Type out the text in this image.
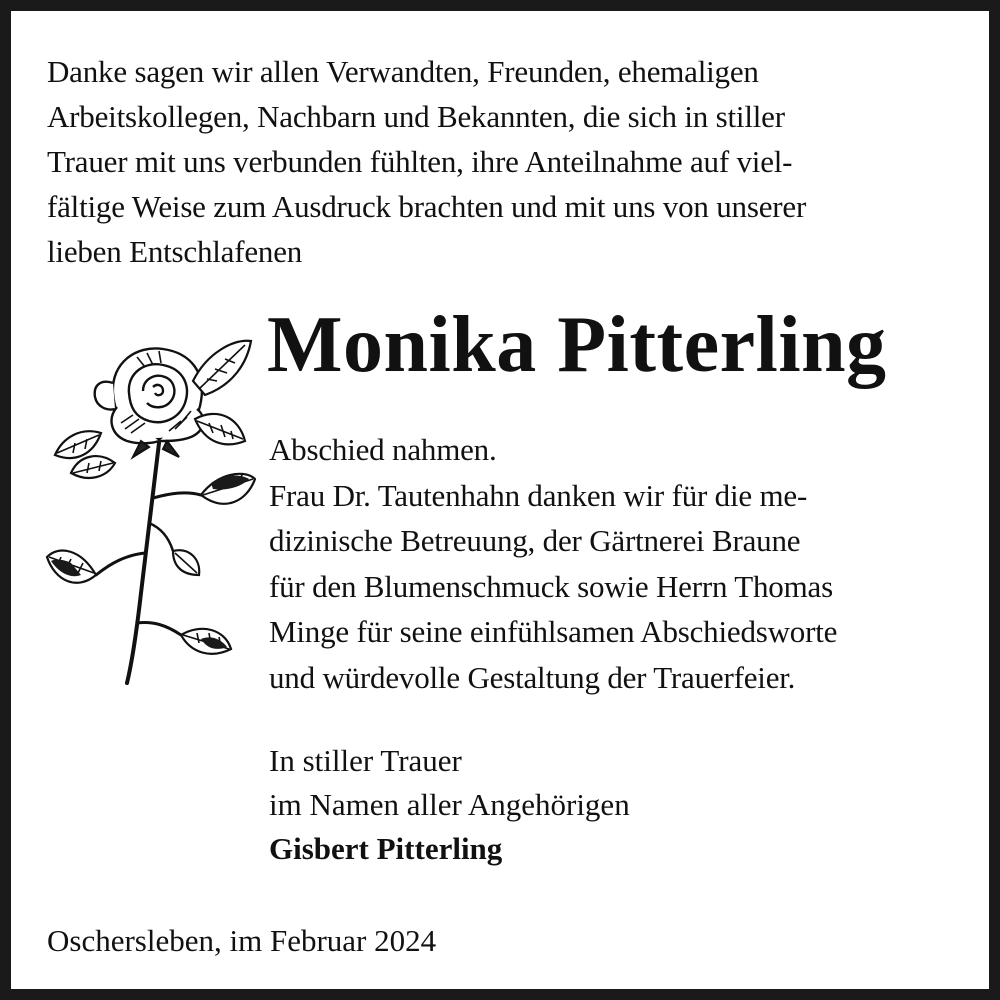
Danke sagen wir allen Verwandten, Freunden, ehemaligen
Arbeitskollegen, Nachbarn und Bekannten, die sich in stiller
Trauer mit uns verbunden fühlten, ihre Anteilnahme auf viel-
fältige Weise zum Ausdruck brachten und mit uns von unserer
lieben Entschlafenen

Monika Pitterling

Abschied nahmen.
Frau Dr. Tautenhahn danken wir für die me-
dizinische Betreuung, der Gärtnerei Braune
für den Blumenschmuck sowie Herrn Thomas
Minge für seine einfühlsamen Abschiedsworte
und würdevolle Gestaltung der Trauerfeier.

In stiller Trauer
im Namen aller Angehörigen
Gisbert Pitterling

Oschersleben, im Februar 2024
